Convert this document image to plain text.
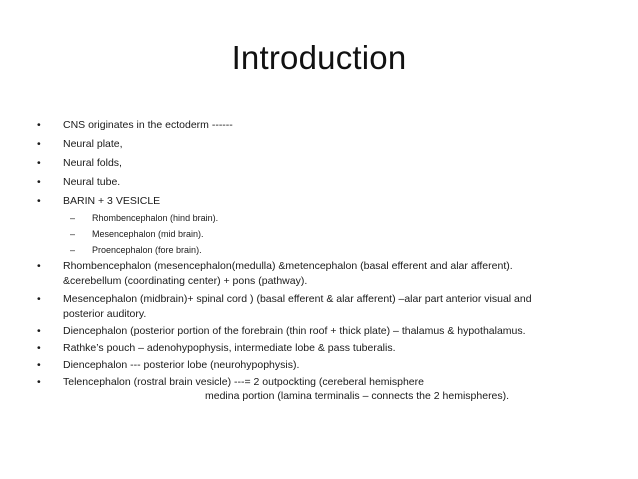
Introduction
• CNS originates in the ectoderm ------
• Neural plate,
• Neural folds,
• Neural tube.
• BARIN + 3 VESICLE
– Rhombencephalon (hind brain).
– Mesencephalon (mid brain).
– Proencephalon (fore brain).
• Rhombencephalon (mesencephalon(medulla) &metencephalon (basal efferent and alar afferent).
&cerebellum (coordinating center) + pons (pathway).
• Mesencephalon (midbrain)+ spinal cord ) (basal efferent & alar afferent) –alar part anterior visual and
posterior auditory.
• Diencephalon (posterior portion of the forebrain (thin roof + thick plate) – thalamus & hypothalamus.
• Rathke’s pouch – adenohypophysis, intermediate lobe & pass tuberalis.
• Diencephalon --- posterior lobe (neurohypophysis).
• Telencephalon (rostral brain vesicle) ---= 2 outpockting (cereberal hemisphere
medina portion (lamina terminalis – connects the 2 hemispheres).
